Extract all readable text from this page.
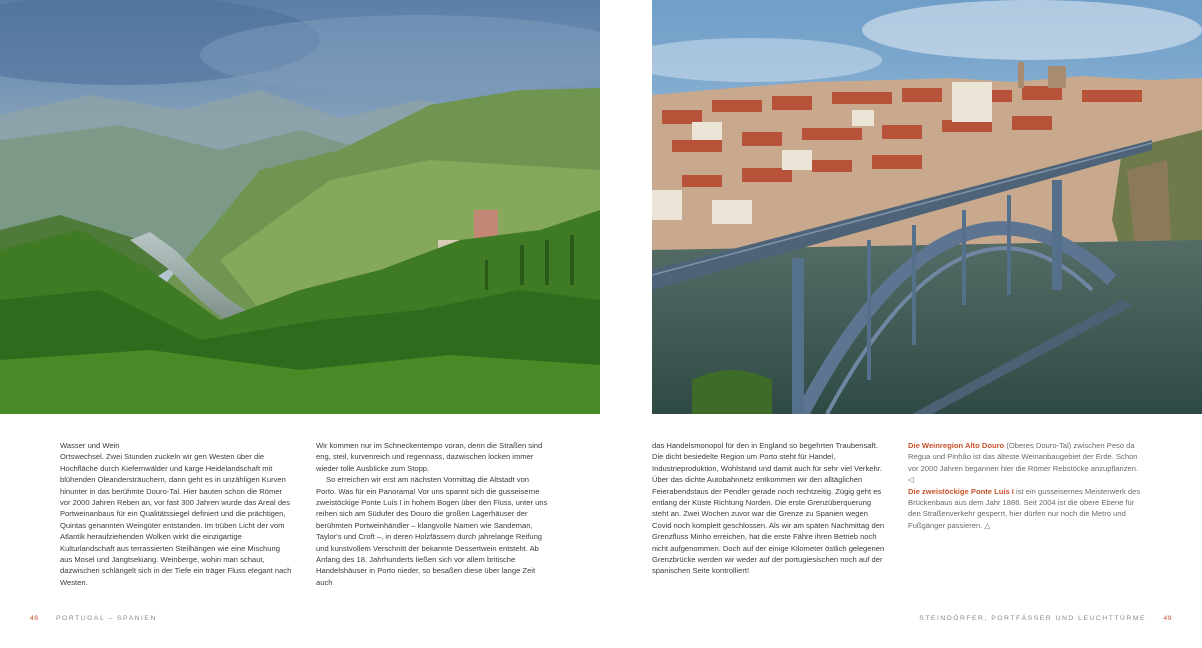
Wasser und Wein

Ortswechsel. Zwei Stunden zuckeln wir gen Westen über die Hochfläche durch Kiefernwälder und karge Heidelandschaft mit blühenden Oleandersträuchern, dann geht es in unzähligen Kurven hinunter in das berühmte Douro-Tal. Hier bauten schon die Römer vor 2000 Jahren Reben an, vor fast 300 Jahren wurde das Areal des Portweinanbaus für ein Qualitätssiegel definiert und die prächtigen, Quintas genannten Weingüter entstanden. Im trüben Licht der vom Atlantik heraufziehenden Wolken wirkt die einzigartige Kulturlandschaft aus terrassierten Steilhängen wie eine Mischung aus Mosel und Jangtsekiang. Weinberge, wohin man schaut, dazwischen schlängelt sich in der Tiefe ein träger Fluss elegant nach Westen.

Wir kommen nur im Schneckentempo voran, denn die Straßen sind eng, steil, kurvenreich und regennass, dazwischen locken immer wieder tolle Ausblicke zum Stopp.

So erreichen wir erst am nächsten Vormittag die Altstadt von Porto. Was für ein Panorama! Vor uns spannt sich die gusseiserne zweistöckige Ponte Luís I in hohem Bogen über den Fluss, unter uns reihen sich am Südufer des Douro die großen Lagerhäuser der berühmten Portweinhändler – klangvolle Namen wie Sandeman, Taylor's und Croft –, in deren Holzfässern durch jahrelange Reifung und kunstvollem Verschnitt der bekannte Dessertwein entsteht. Ab Anfang des 18. Jahrhunderts ließen sich vor allem britische Handelshäuser in Porto nieder, so besaßen diese über lange Zeit auch

das Handelsmonopol für den in England so begehrten Traubensaft. Die dicht besiedelte Region um Porto steht für Handel, Industrieproduktion, Wohlstand und damit auch für sehr viel Verkehr. Über das dichte Autobahnnetz entkommen wir den alltäglichen Feierabendstaus der Pendler gerade noch rechtzeitig. Zügig geht es entlang der Küste Richtung Norden. Die erste Grenzüberquerung steht an. Zwei Wochen zuvor war die Grenze zu Spanien wegen Covid noch komplett geschlossen. Als wir am späten Nachmittag den Grenzfluss Minho erreichen, hat die erste Fähre ihren Betrieb noch nicht aufgenommen. Doch auf der einige Kilometer östlich gelegenen Grenzbrücke werden wir weder auf der portugiesischen noch auf der spanischen Seite kontrolliert!

Die Weinregion Alto Douro (Oberes Douro-Tal) zwischen Peso da Regua und Pinhão ist das älteste Weinanbaugebiet der Erde. Schon vor 2000 Jahren begannen hier die Römer Rebstöcke anzupflanzen. ◁

Die zweistöckige Ponte Luís I ist ein gusseisernes Meisterwerk des Brückenbaus aus dem Jahr 1886. Seit 2004 ist die obere Ebene für den Straßenverkehr gesperrt, hier dürfen nur noch die Metro und Fußgänger passieren. △

48	PORTUGAL – SPANIEN	STEINDÖRFER, PORTFÄSSER UND LEUCHTTÜRME	49
